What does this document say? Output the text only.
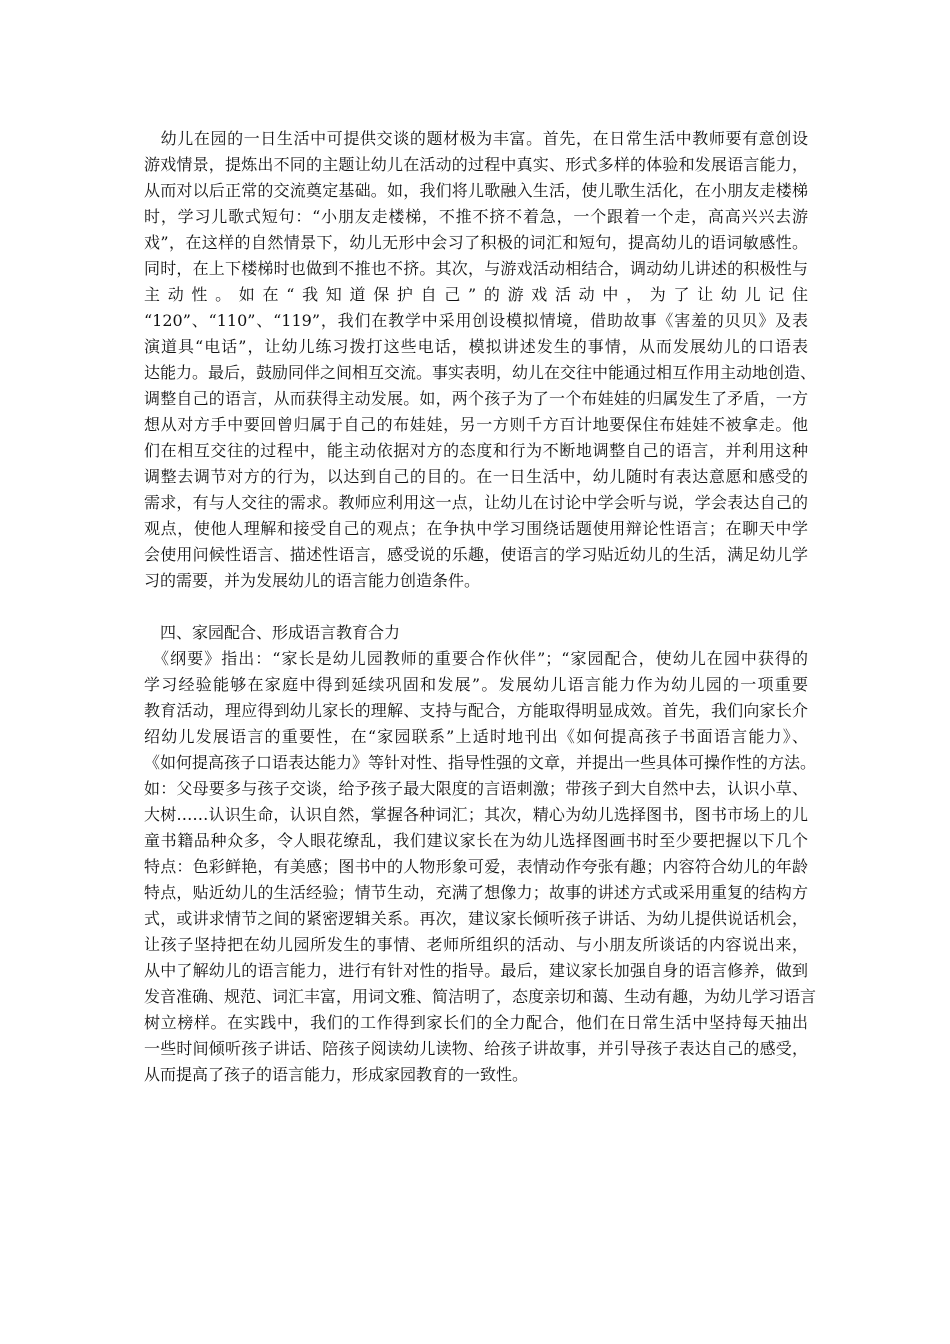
　幼儿在园的一日生活中可提供交谈的题材极为丰富。首先，在日常生活中教师要有意创设
游戏情景，提炼出不同的主题让幼儿在活动的过程中真实、形式多样的体验和发展语言能力，
从而对以后正常的交流奠定基础。如，我们将儿歌融入生活，使儿歌生活化，在小朋友走楼梯
时，学习儿歌式短句：“小朋友走楼梯，不推不挤不着急，一个跟着一个走，高高兴兴去游
戏”，在这样的自然情景下，幼儿无形中会习了积极的词汇和短句，提高幼儿的语词敏感性。
同时，在上下楼梯时也做到不推也不挤。其次，与游戏活动相结合，调动幼儿讲述的积极性与
主动性。如在“我知道保护自己”的游戏活动中，为了让幼儿记住
“120”、“110”、“119”，我们在教学中采用创设模拟情境，借助故事《害羞的贝贝》及表
演道具“电话”，让幼儿练习拨打这些电话，模拟讲述发生的事情，从而发展幼儿的口语表
达能力。最后，鼓励同伴之间相互交流。事实表明，幼儿在交往中能通过相互作用主动地创造、
调整自己的语言，从而获得主动发展。如，两个孩子为了一个布娃娃的归属发生了矛盾，一方
想从对方手中要回曾归属于自己的布娃娃，另一方则千方百计地要保住布娃娃不被拿走。他
们在相互交往的过程中，能主动依据对方的态度和行为不断地调整自己的语言，并利用这种
调整去调节对方的行为，以达到自己的目的。在一日生活中，幼儿随时有表达意愿和感受的
需求，有与人交往的需求。教师应利用这一点，让幼儿在讨论中学会听与说，学会表达自己的
观点，使他人理解和接受自己的观点；在争执中学习围绕话题使用辩论性语言；在聊天中学
会使用问候性语言、描述性语言，感受说的乐趣，使语言的学习贴近幼儿的生活，满足幼儿学
习的需要，并为发展幼儿的语言能力创造条件。
　四、家园配合、形成语言教育合力
　《纲要》指出：“家长是幼儿园教师的重要合作伙伴”；“家园配合，使幼儿在园中获得的
学习经验能够在家庭中得到延续巩固和发展”。发展幼儿语言能力作为幼儿园的一项重要
教育活动，理应得到幼儿家长的理解、支持与配合，方能取得明显成效。首先，我们向家长介
绍幼儿发展语言的重要性，在“家园联系”上适时地刊出《如何提高孩子书面语言能力》、
《如何提高孩子口语表达能力》等针对性、指导性强的文章，并提出一些具体可操作性的方法。
如：父母要多与孩子交谈，给予孩子最大限度的言语刺激；带孩子到大自然中去，认识小草、
大树……认识生命，认识自然，掌握各种词汇；其次，精心为幼儿选择图书，图书市场上的儿
童书籍品种众多，令人眼花缭乱，我们建议家长在为幼儿选择图画书时至少要把握以下几个
特点：色彩鲜艳，有美感；图书中的人物形象可爱，表情动作夸张有趣；内容符合幼儿的年龄
特点，贴近幼儿的生活经验；情节生动，充满了想像力；故事的讲述方式或采用重复的结构方
式，或讲求情节之间的紧密逻辑关系。再次，建议家长倾听孩子讲话、为幼儿提供说话机会，
让孩子坚持把在幼儿园所发生的事情、老师所组织的活动、与小朋友所谈话的内容说出来，
从中了解幼儿的语言能力，进行有针对性的指导。最后，建议家长加强自身的语言修养，做到
发音准确、规范、词汇丰富，用词文雅、简洁明了，态度亲切和蔼、生动有趣，为幼儿学习语言
树立榜样。在实践中，我们的工作得到家长们的全力配合，他们在日常生活中坚持每天抽出
一些时间倾听孩子讲话、陪孩子阅读幼儿读物、给孩子讲故事，并引导孩子表达自己的感受，
从而提高了孩子的语言能力，形成家园教育的一致性。
